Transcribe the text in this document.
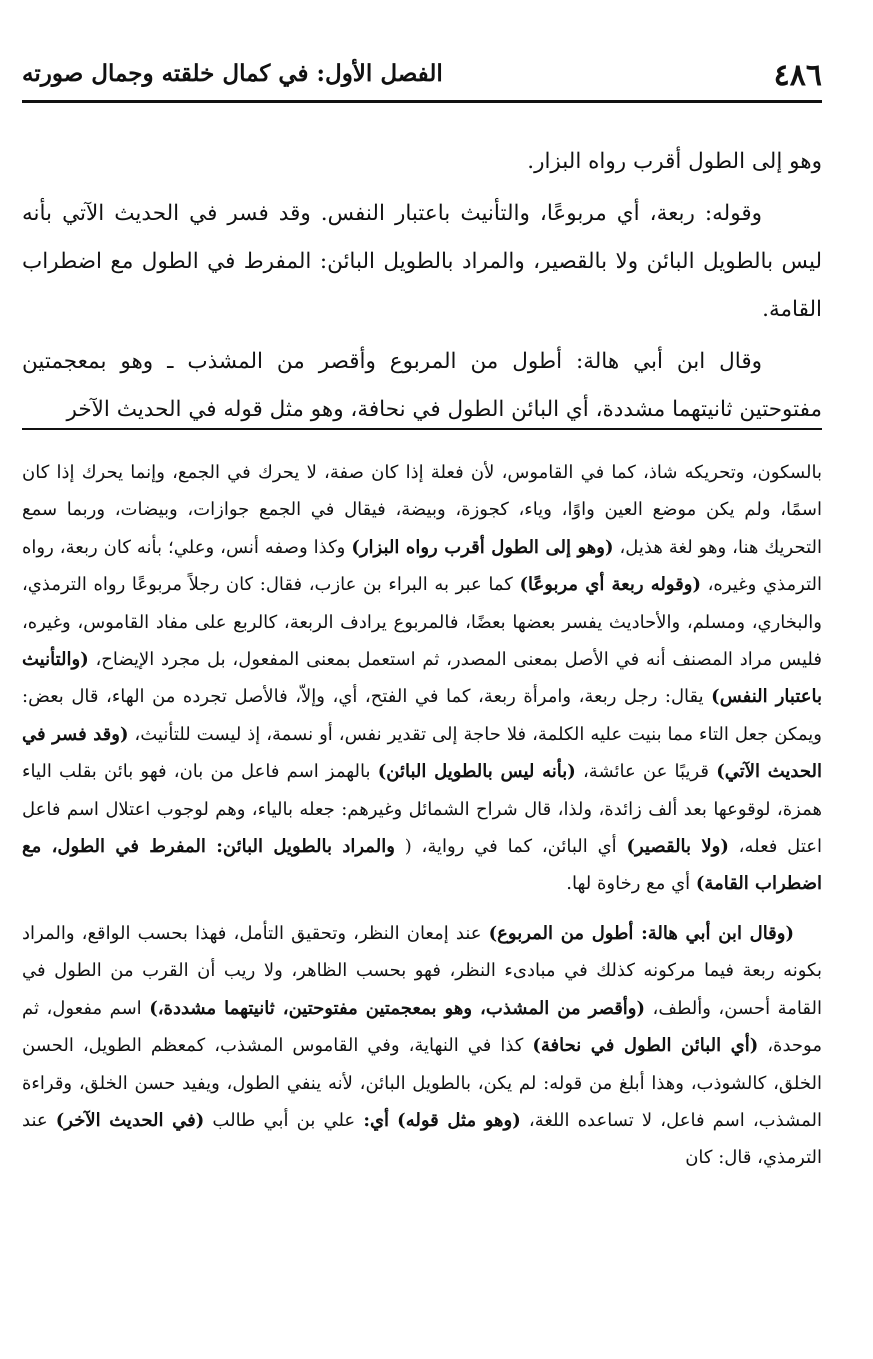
٤٨٦
الفصل الأول: في كمال خلقته وجمال صورته

وهو إلى الطول أقرب رواه البزار.

وقوله: ربعة، أي مربوعًا، والتأنيث باعتبار النفس. وقد فسر في الحديث الآتي بأنه ليس بالطويل البائن ولا بالقصير، والمراد بالطويل البائن: المفرط في الطول مع اضطراب القامة.

وقال ابن أبي هالة: أطول من المربوع وأقصر من المشذب ـ وهو بمعجمتين مفتوحتين ثانيتهما مشددة، أي البائن الطول في نحافة، وهو مثل قوله في الحديث الآخر

بالسكون، وتحريكه شاذ، كما في القاموس، لأن فعلة إذا كان صفة، لا يحرك في الجمع، وإنما يحرك إذا كان اسمًا، ولم يكن موضع العين واوًا، وياء، كجوزة، وبيضة، فيقال في الجمع جوازات، وبيضات، وربما سمع التحريك هنا، وهو لغة هذيل، (وهو إلى الطول أقرب رواه البزار) وكذا وصفه أنس، وعلي؛ بأنه كان ربعة، رواه الترمذي وغيره، (وقوله ربعة أي مربوعًا) كما عبر به البراء بن عازب، فقال: كان رجلاً مربوعًا رواه الترمذي، والبخاري، ومسلم، والأحاديث يفسر بعضها بعضًا، فالمربوع يرادف الربعة، كالربع على مفاد القاموس، وغيره، فليس مراد المصنف أنه في الأصل بمعنى المصدر، ثم استعمل بمعنى المفعول، بل مجرد الإيضاح، (والتأنيث باعتبار النفس) يقال: رجل ربعة، وامرأة ربعة، كما في الفتح، أي، وإلاّ، فالأصل تجرده من الهاء، قال بعض: ويمكن جعل التاء مما بنيت عليه الكلمة، فلا حاجة إلى تقدير نفس، أو نسمة، إذ ليست للتأنيث، (وقد فسر في الحديث الآتي) قريبًا عن عائشة، (بأنه ليس بالطويل البائن) بالهمز اسم فاعل من بان، فهو بائن بقلب الياء همزة، لوقوعها بعد ألف زائدة، ولذا، قال شراح الشمائل وغيرهم: جعله بالياء، وهم لوجوب اعتلال اسم فاعل اعتل فعله، (ولا بالقصير) أي البائن، كما في رواية، ( والمراد بالطويل البائن: المفرط في الطول، مع اضطراب القامة) أي مع رخاوة لها.

(وقال ابن أبي هالة: أطول من المربوع) عند إمعان النظر، وتحقيق التأمل، فهذا بحسب الواقع، والمراد بكونه ربعة فيما مركونه كذلك في مبادىء النظر، فهو بحسب الظاهر، ولا ريب أن القرب من الطول في القامة أحسن، وألطف، (وأقصر من المشذب، وهو بمعجمتين مفتوحتين، ثانيتهما مشددة،) اسم مفعول، ثم موحدة، (أي البائن الطول في نحافة) كذا في النهاية، وفي القاموس المشذب، كمعظم الطويل، الحسن الخلق، كالشوذب، وهذا أبلغ من قوله: لم يكن، بالطويل البائن، لأنه ينفي الطول، ويفيد حسن الخلق، وقراءة المشذب، اسم فاعل، لا تساعده اللغة، (وهو مثل قوله) أي: علي بن أبي طالب (في الحديث الآخر) عند الترمذي، قال: كان
